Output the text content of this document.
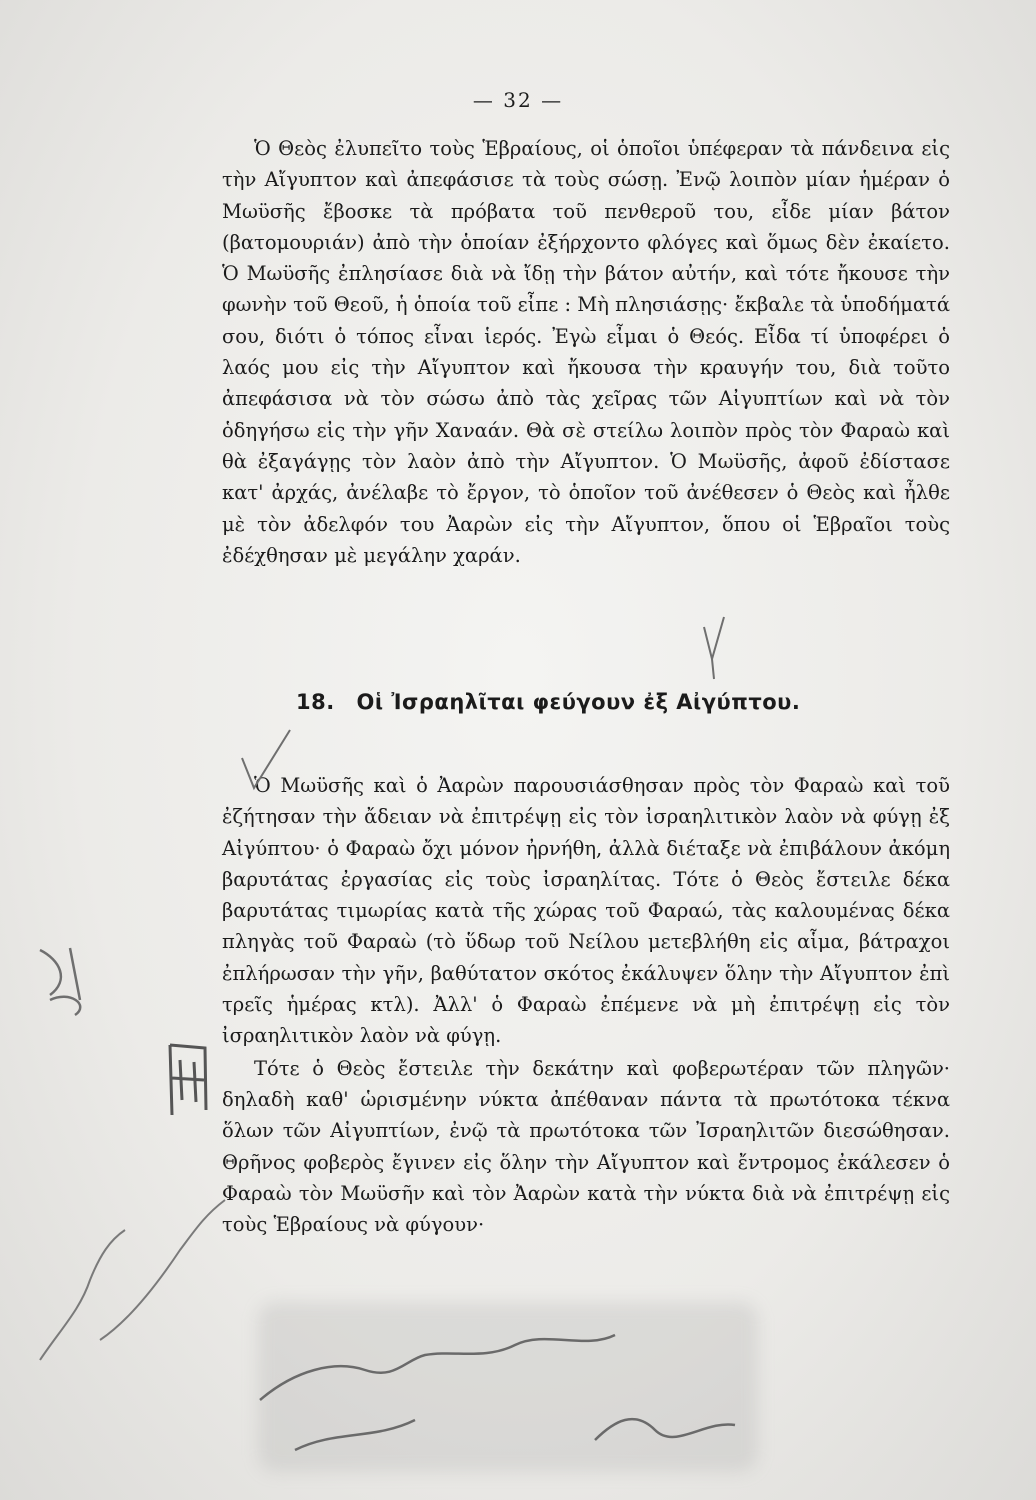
— 32 —

Ὁ Θεὸς ἐλυπεῖτο τοὺς Ἑβραίους, οἱ ὁποῖοι ὑπέφεραν τὰ πάνδεινα εἰς τὴν Αἴγυπτον καὶ ἀπεφάσισε τὰ τοὺς σώσῃ. Ἐνῷ λοιπὸν μίαν ἡμέραν ὁ Μωϋσῆς ἔβοσκε τὰ πρόβατα τοῦ πενθεροῦ του, εἶδε μίαν βάτον (βατομουριάν) ἀπὸ τὴν ὁποίαν ἐξήρχοντο φλόγες καὶ ὅμως δὲν ἐκαίετο. Ὁ Μωϋσῆς ἐπλησίασε διὰ νὰ ἴδῃ τὴν βάτον αὐτήν, καὶ τότε ἤκουσε τὴν φωνὴν τοῦ Θεοῦ, ἡ ὁποία τοῦ εἶπε : Μὴ πλησιάσῃς· ἔκβαλε τὰ ὑποδήματά σου, διότι ὁ τόπος εἶναι ἱερός. Ἐγὼ εἶμαι ὁ Θεός. Εἶδα τί ὑποφέρει ὁ λαός μου εἰς τὴν Αἴγυπτον καὶ ἤκουσα τὴν κραυγήν του, διὰ τοῦτο ἀπεφάσισα νὰ τὸν σώσω ἀπὸ τὰς χεῖρας τῶν Αἰγυπτίων καὶ νὰ τὸν ὁδηγήσω εἰς τὴν γῆν Χαναάν. Θὰ σὲ στείλω λοιπὸν πρὸς τὸν Φαραὼ καὶ θὰ ἐξαγάγῃς τὸν λαὸν ἀπὸ τὴν Αἴγυπτον. Ὁ Μωϋσῆς, ἀφοῦ ἐδίστασε κατ' ἀρχάς, ἀνέλαβε τὸ ἔργον, τὸ ὁποῖον τοῦ ἀνέθεσεν ὁ Θεὸς καὶ ἦλθε μὲ τὸν ἀδελφόν του Ἀαρὼν εἰς τὴν Αἴγυπτον, ὅπου οἱ Ἑβραῖοι τοὺς ἐδέχθησαν μὲ μεγάλην χαράν.

18. Οἱ Ἰσραηλῖται φεύγουν ἐξ Αἰγύπτου.

Ὁ Μωϋσῆς καὶ ὁ Ἀαρὼν παρουσιάσθησαν πρὸς τὸν Φαραὼ καὶ τοῦ ἐζήτησαν τὴν ἄδειαν νὰ ἐπιτρέψῃ εἰς τὸν ἰσραηλιτικὸν λαὸν νὰ φύγῃ ἐξ Αἰγύπτου· ὁ Φαραὼ ὄχι μόνον ἠρνήθη, ἀλλὰ διέταξε νὰ ἐπιβάλουν ἀκόμη βαρυτάτας ἐργασίας εἰς τοὺς ἰσραηλίτας. Τότε ὁ Θεὸς ἔστειλε δέκα βαρυτάτας τιμωρίας κατὰ τῆς χώρας τοῦ Φαραώ, τὰς καλουμένας δέκα πληγὰς τοῦ Φαραὼ (τὸ ὕδωρ τοῦ Νείλου μετεβλήθη εἰς αἷμα, βάτραχοι ἐπλήρωσαν τὴν γῆν, βαθύτατον σκότος ἐκάλυψεν ὅλην τὴν Αἴγυπτον ἐπὶ τρεῖς ἡμέρας κτλ). Ἀλλ' ὁ Φαραὼ ἐπέμενε νὰ μὴ ἐπιτρέψῃ εἰς τὸν ἰσραηλιτικὸν λαὸν νὰ φύγῃ.

Τότε ὁ Θεὸς ἔστειλε τὴν δεκάτην καὶ φοβερωτέραν τῶν πληγῶν· δηλαδὴ καθ' ὡρισμένην νύκτα ἀπέθαναν πάντα τὰ πρωτότοκα τέκνα ὅλων τῶν Αἰγυπτίων, ἐνῷ τὰ πρωτότοκα τῶν Ἰσραηλιτῶν διεσώθησαν. Θρῆνος φοβερὸς ἔγινεν εἰς ὅλην τὴν Αἴγυπτον καὶ ἔντρομος ἐκάλεσεν ὁ Φαραὼ τὸν Μωϋσῆν καὶ τὸν Ἀαρὼν κατὰ τὴν νύκτα διὰ νὰ ἐπιτρέψῃ εἰς τοὺς Ἑβραίους νὰ φύγουν·
